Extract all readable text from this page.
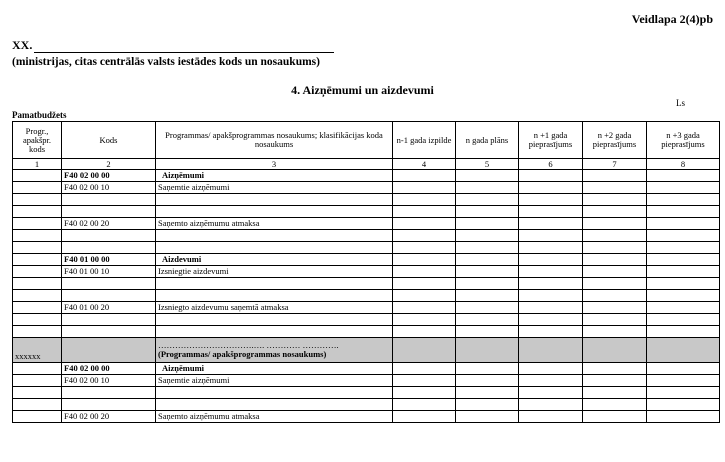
Veidlapa 2(4)pb
XX.
(ministrijas, citas centrālās valsts iestādes kods un nosaukums)
4. Aizņēmumi un aizdevumi
Ls
Pamatbudžets
Progr., apakšpr. kods	Kods	Programmas/ apakšprogrammas nosaukums; klasifikācijas koda nosaukums	n-1 gada izpilde	n gada plāns	n +1 gada pieprasījums	n +2 gada pieprasījums	n +3 gada pieprasījums
1	2	3	4	5	6	7	8
	F40 02 00 00	Aizņēmumi					
	F40 02 00 10	Saņemtie aizņēmumi					

	F40 02 00 20	Saņemto aizņēmumu atmaksa					

	F40 01 00 00	Aizdevumi					
	F40 01 00 10	Izsniegtie aizdevumi					

	F40 01 00 20	Izsniegto aizdevumu saņemtā atmaksa					

xxxxxx		…………………………….…. ………… ………….
(Programmas/ apakšprogrammas nosaukums)					

	F40 02 00 00	Aizņēmumi					
	F40 02 00 10	Saņemtie aizņēmumi					

	F40 02 00 20	Saņemto aizņēmumu atmaksa					
